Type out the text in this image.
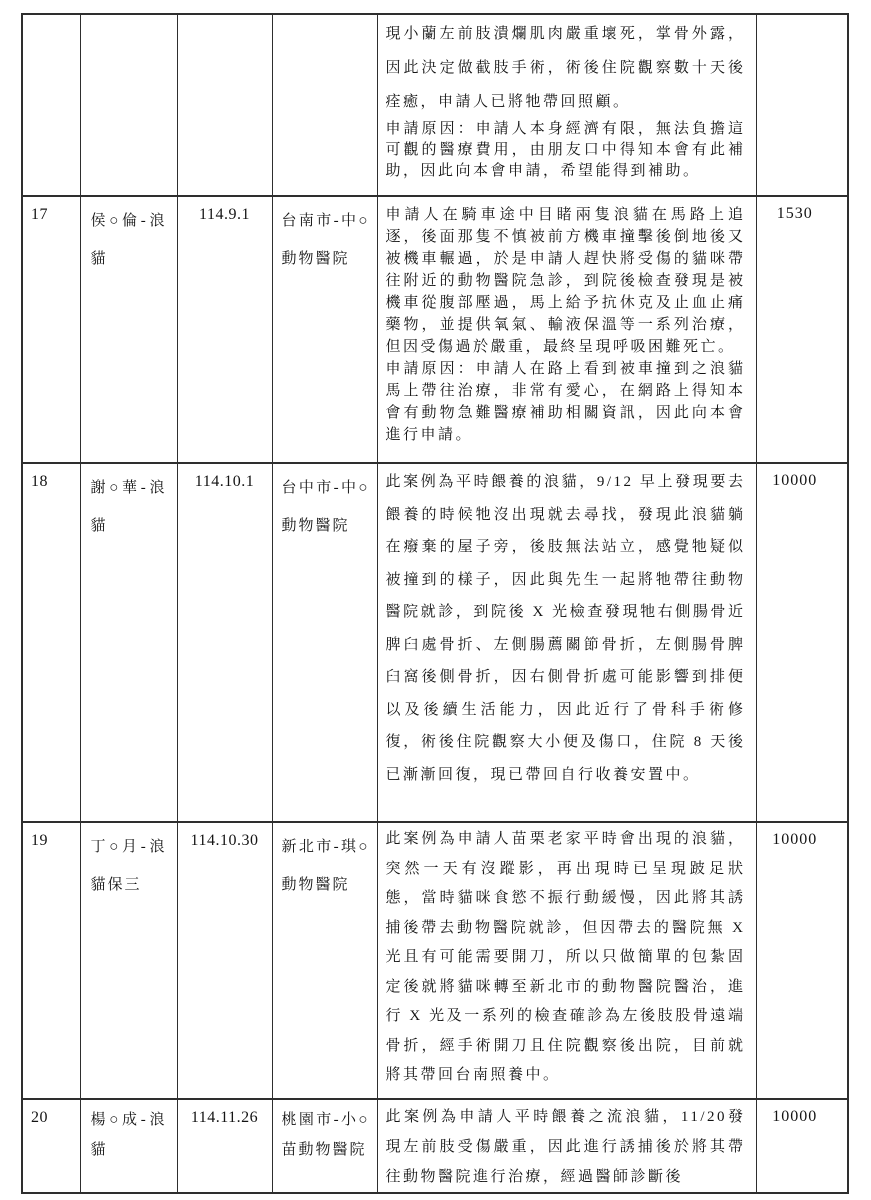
				現小蘭左前肢潰爛肌肉嚴重壞死，掌骨外露，因此決定做截肢手術，術後住院觀察數十天後痊癒，申請人已將牠帶回照顧。

申請原因：申請人本身經濟有限，無法負擔這可觀的醫療費用，由朋友口中得知本會有此補助，因此向本會申請，希望能得到補助。	

17	侯○倫-浪貓	114.9.1	台南市-中○動物醫院	申請人在騎車途中目睹兩隻浪貓在馬路上追逐，後面那隻不慎被前方機車撞擊後倒地後又被機車輾過，於是申請人趕快將受傷的貓咪帶往附近的動物醫院急診，到院後檢查發現是被機車從腹部壓過，馬上給予抗休克及止血止痛藥物，並提供氧氣、輸液保溫等一系列治療，但因受傷過於嚴重，最終呈現呼吸困難死亡。

申請原因：申請人在路上看到被車撞到之浪貓馬上帶往治療，非常有愛心，在網路上得知本會有動物急難醫療補助相關資訊，因此向本會進行申請。	1530

18	謝○華-浪貓	114.10.1	台中市-中○動物醫院	此案例為平時餵養的浪貓，9/12 早上發現要去餵養的時候牠沒出現就去尋找，發現此浪貓躺在癈棄的屋子旁，後肢無法站立，感覺牠疑似被撞到的樣子，因此與先生一起將牠帶往動物醫院就診，到院後 X 光檢查發現牠右側腸骨近脾臼處骨折、左側腸薦關節骨折，左側腸骨脾臼窩後側骨折，因右側骨折處可能影響到排便以及後續生活能力，因此近行了骨科手術修復，術後住院觀察大小便及傷口，住院 8 天後已漸漸回復，現已帶回自行收養安置中。	10000

19	丁○月-浪貓保三	114.10.30	新北市-琪○動物醫院	此案例為申請人苗栗老家平時會出現的浪貓，突然一天有沒蹤影，再出現時已呈現跛足狀態，當時貓咪食慾不振行動緩慢，因此將其誘捕後帶去動物醫院就診，但因帶去的醫院無 X 光且有可能需要開刀，所以只做簡單的包紮固定後就將貓咪轉至新北市的動物醫院醫治，進行 X 光及一系列的檢查確診為左後肢股骨遠端骨折，經手術開刀且住院觀察後出院，目前就將其帶回台南照養中。	10000

20	楊○成-浪貓	114.11.26	桃園市-小○苗動物醫院	此案例為申請人平時餵養之流浪貓，11/20發現左前肢受傷嚴重，因此進行誘捕後於將其帶往動物醫院進行治療，經過醫師診斷後	10000
